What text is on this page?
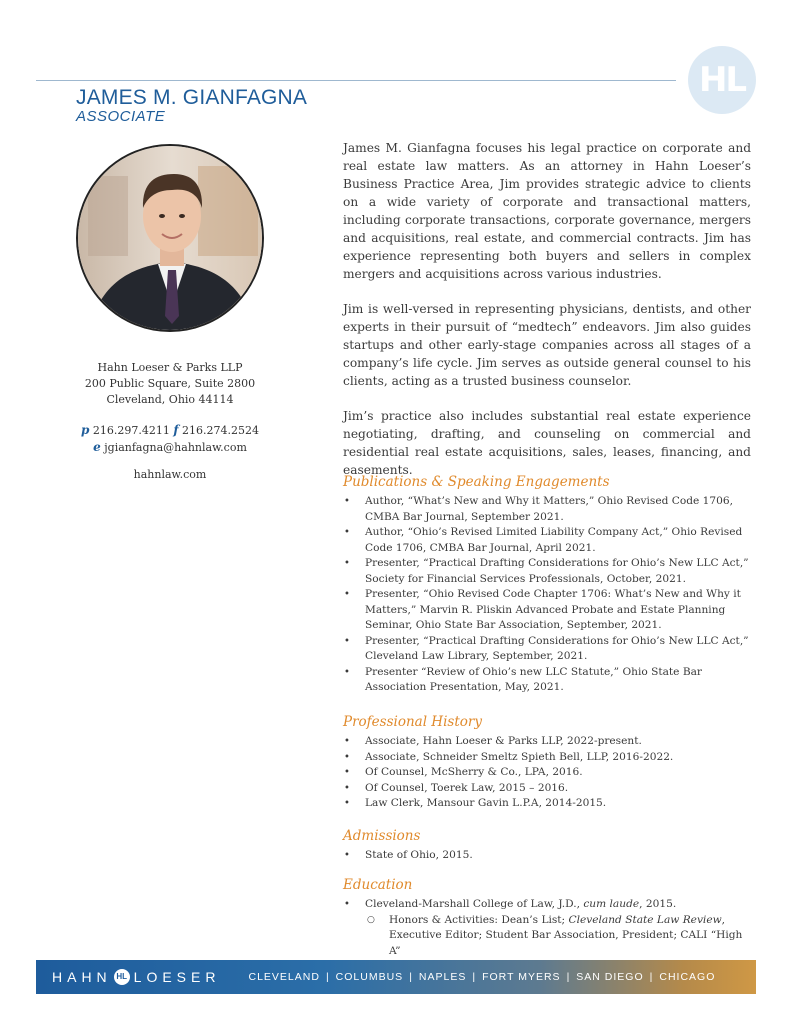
HL
JAMES M. GIANFAGNA
ASSOCIATE
Hahn Loeser & Parks LLP
200 Public Square, Suite 2800
Cleveland, Ohio 44114
p 216.297.4211 f 216.274.2524
e jgianfagna@hahnlaw.com
hahnlaw.com

James M. Gianfagna focuses his legal practice on corporate and real estate law matters. As an attorney in Hahn Loeser’s Business Practice Area, Jim provides strategic advice to clients on a wide variety of corporate and transactional matters, including corporate transactions, corporate governance, mergers and acquisitions, real estate, and commercial contracts. Jim has experience representing both buyers and sellers in complex mergers and acquisitions across various industries.

Jim is well-versed in representing physicians, dentists, and other experts in their pursuit of “medtech” endeavors. Jim also guides startups and other early-stage companies across all stages of a company’s life cycle. Jim serves as outside general counsel to his clients, acting as a trusted business counselor.

Jim’s practice also includes substantial real estate experience negotiating, drafting, and counseling on commercial and residential real estate acquisitions, sales, leases, financing, and easements.

Publications & Speaking Engagements
• Author, “What’s New and Why it Matters,” Ohio Revised Code 1706, CMBA Bar Journal, September 2021.
• Author, “Ohio’s Revised Limited Liability Company Act,” Ohio Revised Code 1706, CMBA Bar Journal, April 2021.
• Presenter, “Practical Drafting Considerations for Ohio’s New LLC Act,” Society for Financial Services Professionals, October, 2021.
• Presenter, “Ohio Revised Code Chapter 1706: What’s New and Why it Matters,” Marvin R. Pliskin Advanced Probate and Estate Planning Seminar, Ohio State Bar Association, September, 2021.
• Presenter, “Practical Drafting Considerations for Ohio’s New LLC Act,” Cleveland Law Library, September, 2021.
• Presenter “Review of Ohio’s new LLC Statute,” Ohio State Bar Association Presentation, May, 2021.
Professional History
• Associate, Hahn Loeser & Parks LLP, 2022-present.
• Associate, Schneider Smeltz Spieth Bell, LLP, 2016-2022.
• Of Counsel, McSherry & Co., LPA, 2016.
• Of Counsel, Toerek Law, 2015 – 2016.
• Law Clerk, Mansour Gavin L.P.A, 2014-2015.
Admissions
• State of Ohio, 2015.
Education
• Cleveland-Marshall College of Law, J.D., cum laude, 2015.
○ Honors & Activities: Dean’s List; Cleveland State Law Review, Executive Editor; Student Bar Association, President; CALI “High A”
HAHN HL LOESER	CLEVELAND | COLUMBUS | NAPLES | FORT MYERS | SAN DIEGO | CHICAGO
